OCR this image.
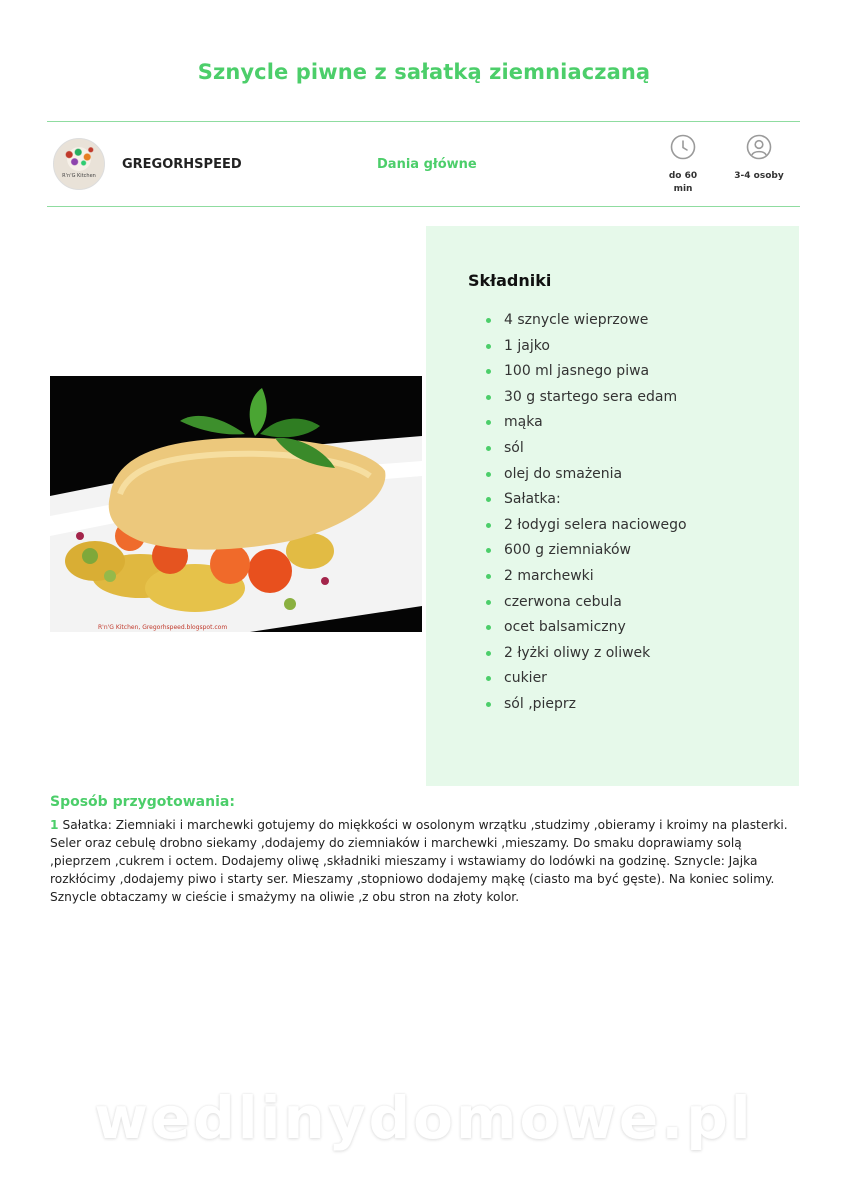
Sznycle piwne z sałatką ziemniaczaną
R'n'G Kitchen
GREGORHSPEED	Dania główne
do 60
min
3-4 osoby
R'n'G Kitchen, Gregorhspeed.blogspot.com
Składniki
4 sznycle wieprzowe
1 jajko
100 ml jasnego piwa
30 g startego sera edam
mąka
sól
olej do smażenia
Sałatka:
2 łodygi selera naciowego
600 g ziemniaków
2 marchewki
czerwona cebula
ocet balsamiczny
2 łyżki oliwy z oliwek
cukier
sól ,pieprz
Sposób przygotowania:
1 Sałatka: Ziemniaki i marchewki gotujemy do miękkości w osolonym wrzątku ,studzimy ,obieramy i kroimy na plasterki. Seler oraz cebulę drobno siekamy ,dodajemy do ziemniaków i marchewki ,mieszamy. Do smaku doprawiamy solą ,pieprzem ,cukrem i octem. Dodajemy oliwę ,składniki mieszamy i wstawiamy do lodówki na godzinę. Sznycle: Jajka rozkłócimy ,dodajemy piwo i starty ser. Mieszamy ,stopniowo dodajemy mąkę (ciasto ma być gęste). Na koniec solimy. Sznycle obtaczamy w cieście i smażymy na oliwie ,z obu stron na złoty kolor.
wedlinydomowe.pl
